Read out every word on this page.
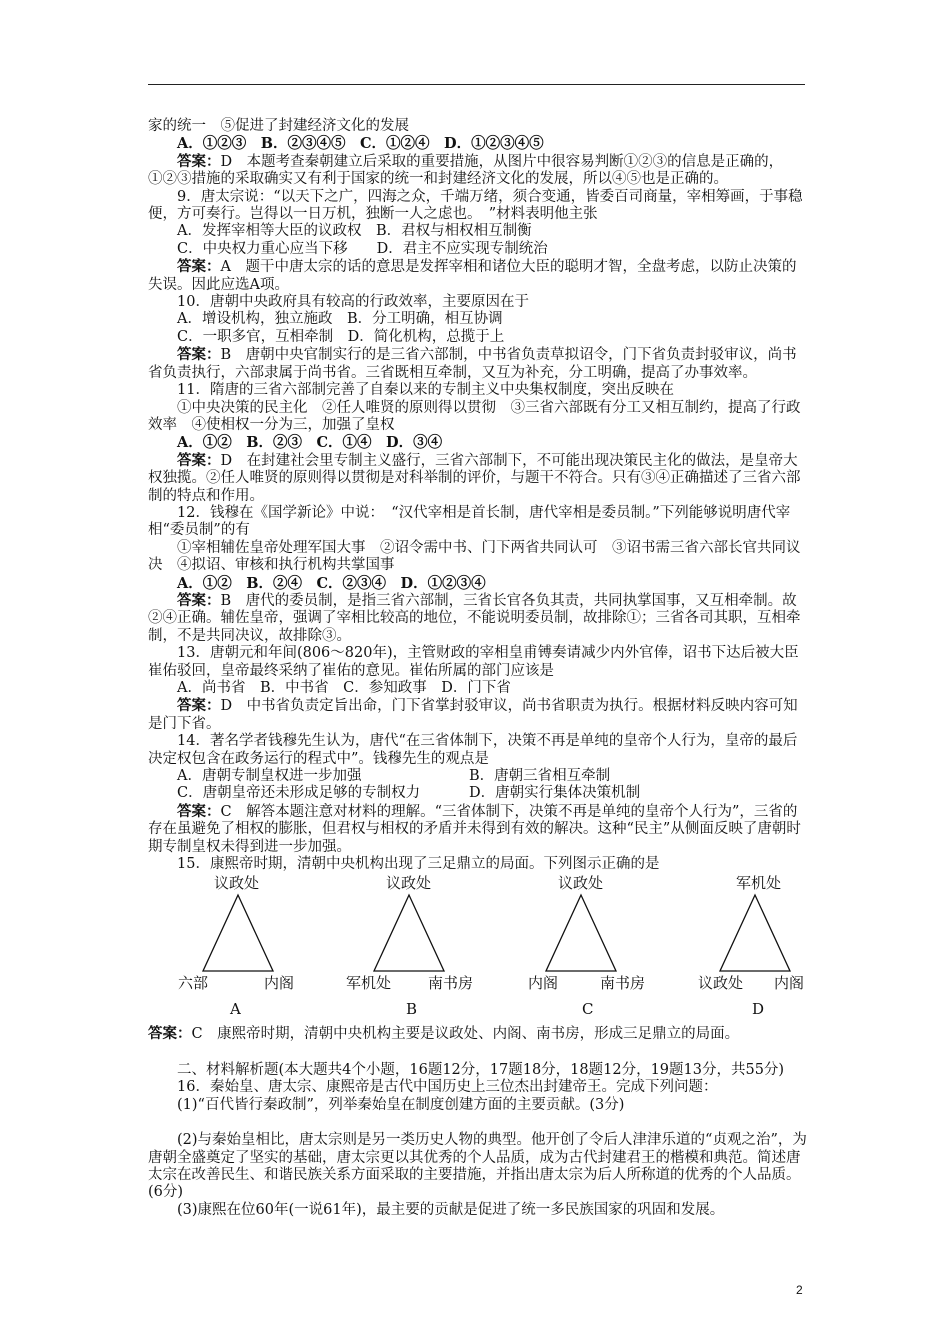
家的统一　⑤促进了封建经济文化的发展

A．①②③　B．②③④⑤　C．①②④　D．①②③④⑤

答案：D　本题考查秦朝建立后采取的重要措施，从图片中很容易判断①②③的信息是正确的，①②③措施的采取确实又有利于国家的统一和封建经济文化的发展，所以④⑤也是正确的。

9．唐太宗说：“以天下之广，四海之众，千端万绪，须合变通，皆委百司商量，宰相筹画，于事稳便，方可奏行。岂得以一日万机，独断一人之虑也。　”材料表明他主张

A．发挥宰相等大臣的议政权　B．君权与相权相互制衡

C．中央权力重心应当下移　　D．君主不应实现专制统治

答案：A　题干中唐太宗的话的意思是发挥宰相和诸位大臣的聪明才智，全盘考虑，以防止决策的失误。因此应选A项。

10．唐朝中央政府具有较高的行政效率，主要原因在于

A．增设机构，独立施政　B．分工明确，相互协调

C．一职多官，互相牵制　D．简化机构，总揽于上

答案：B　唐朝中央官制实行的是三省六部制，中书省负责草拟诏令，门下省负责封驳审议，尚书省负责执行，六部隶属于尚书省。三省既相互牵制，又互为补充，分工明确，提高了办事效率。

11．隋唐的三省六部制完善了自秦以来的专制主义中央集权制度，突出反映在

①中央决策的民主化　②任人唯贤的原则得以贯彻　③三省六部既有分工又相互制约，提高了行政效率　④使相权一分为三，加强了皇权

A．①②　B．②③　C．①④　D．③④

答案：D　在封建社会里专制主义盛行，三省六部制下，不可能出现决策民主化的做法，是皇帝大权独揽。②任人唯贤的原则得以贯彻是对科举制的评价，与题干不符合。只有③④正确描述了三省六部制的特点和作用。

12．钱穆在《国学新论》中说：　“汉代宰相是首长制，唐代宰相是委员制。”下列能够说明唐代宰相“委员制”的有

①宰相辅佐皇帝处理军国大事　②诏令需中书、门下两省共同认可　③诏书需三省六部长官共同议决　④拟诏、审核和执行机构共掌国事

A．①②　B．②④　C．②③④　D．①②③④

答案：B　唐代的委员制，是指三省六部制，三省长官各负其责，共同执掌国事，又互相牵制。故②④正确。辅佐皇帝，强调了宰相比较高的地位，不能说明委员制，故排除①；三省各司其职，互相牵制，不是共同决议，故排除③。

13．唐朝元和年间(806～820年)，主管财政的宰相皇甫镈奏请减少内外官俸，诏书下达后被大臣崔佑驳回，皇帝最终采纳了崔佑的意见。崔佑所属的部门应该是

A．尚书省　B．中书省　C．参知政事　D．门下省

答案：D　中书省负责定旨出命，门下省掌封驳审议，尚书省职责为执行。根据材料反映内容可知是门下省。

14．著名学者钱穆先生认为，唐代“在三省体制下，决策不再是单纯的皇帝个人行为，皇帝的最后决定权包含在政务运行的程式中”。钱穆先生的观点是

A．唐朝专制皇权进一步加强	B．唐朝三省相互牵制
C．唐朝皇帝还未形成足够的专制权力	D．唐朝实行集体决策机制

答案：C　解答本题注意对材料的理解。“三省体制下，决策不再是单纯的皇帝个人行为”，三省的存在虽避免了相权的膨胀，但君权与相权的矛盾并未得到有效的解决。这种“民主”从侧面反映了唐朝时期专制皇权未得到进一步加强。

15．康熙帝时期，清朝中央机构出现了三足鼎立的局面。下列图示正确的是

议政处
六部	内阁
A
议政处
军机处 南书房
B
议政处
内阁	南书房
C
军机处
议政处 内阁
D

答案：C　康熙帝时期，清朝中央机构主要是议政处、内阁、南书房，形成三足鼎立的局面。

二、材料解析题(本大题共4个小题，16题12分，17题18分，18题12分，19题13分，共55分)

16．秦始皇、唐太宗、康熙帝是古代中国历史上三位杰出封建帝王。完成下列问题：

(1)“百代皆行秦政制”，列举秦始皇在制度创建方面的主要贡献。(3分)

(2)与秦始皇相比，唐太宗则是另一类历史人物的典型。他开创了令后人津津乐道的“贞观之治”，为唐朝全盛奠定了坚实的基础，唐太宗更以其优秀的个人品质，成为古代封建君王的楷模和典范。简述唐太宗在改善民生、和谐民族关系方面采取的主要措施，并指出唐太宗为后人所称道的优秀的个人品质。(6分)

(3)康熙在位60年(一说61年)，最主要的贡献是促进了统一多民族国家的巩固和发展。

2
